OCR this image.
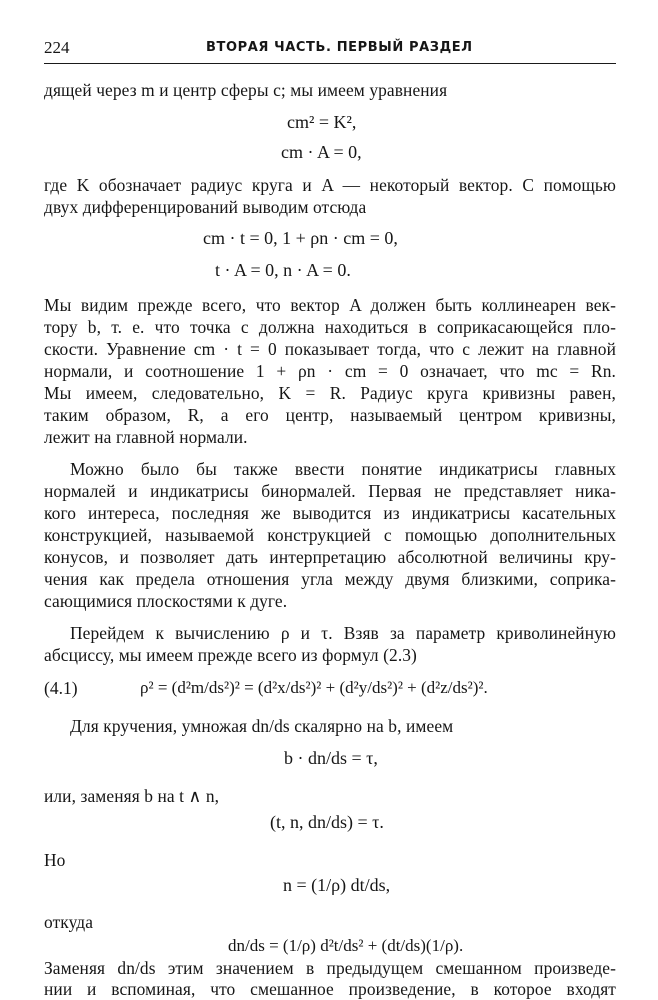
224	ВТОРАЯ ЧАСТЬ. ПЕРВЫЙ РАЗДЕЛ
дящей через m и центр сферы c; мы имеем уравнения
cm² = K²,
cm · A = 0,
где K обозначает радиус круга и A — некоторый вектор. С помощью
двух дифференцирований выводим отсюда
cm · t = 0, 1 + ρn · cm = 0,
t · A = 0, n · A = 0.
Мы видим прежде всего, что вектор A должен быть коллинеарен век-
тору b, т. е. что точка c должна находиться в соприкасающейся пло-
скости. Уравнение cm · t = 0 показывает тогда, что c лежит на главной
нормали, и соотношение 1 + ρn · cm = 0 означает, что mc = Rn.
Мы имеем, следовательно, K = R. Радиус круга кривизны равен,
таким образом, R, а его центр, называемый центром кривизны,
лежит на главной нормали.
Можно было бы также ввести понятие индикатрисы главных
нормалей и индикатрисы бинормалей. Первая не представляет ника-
кого интереса, последняя же выводится из индикатрисы касательных
конструкцией, называемой конструкцией с помощью дополнительных
конусов, и позволяет дать интерпретацию абсолютной величины кру-
чения как предела отношения угла между двумя близкими, соприка-
сающимися плоскостями к дуге.
Перейдем к вычислению ρ и τ. Взяв за параметр криволинейную
абсциссу, мы имеем прежде всего из формул (2.3)
(4.1)	ρ² = (d²m/ds²)² = (d²x/ds²)² + (d²y/ds²)² + (d²z/ds²)².
Для кручения, умножая dn/ds скалярно на b, имеем
b · dn/ds = τ,
или, заменяя b на t ∧ n,
(t, n, dn/ds) = τ.
Но
n = (1/ρ) dt/ds,
откуда
dn/ds = (1/ρ) d²t/ds² + (dt/ds)(1/ρ).
Заменяя dn/ds этим значением в предыдущем смешанном произведе-
нии и вспоминая, что смешанное произведение, в которое входят
